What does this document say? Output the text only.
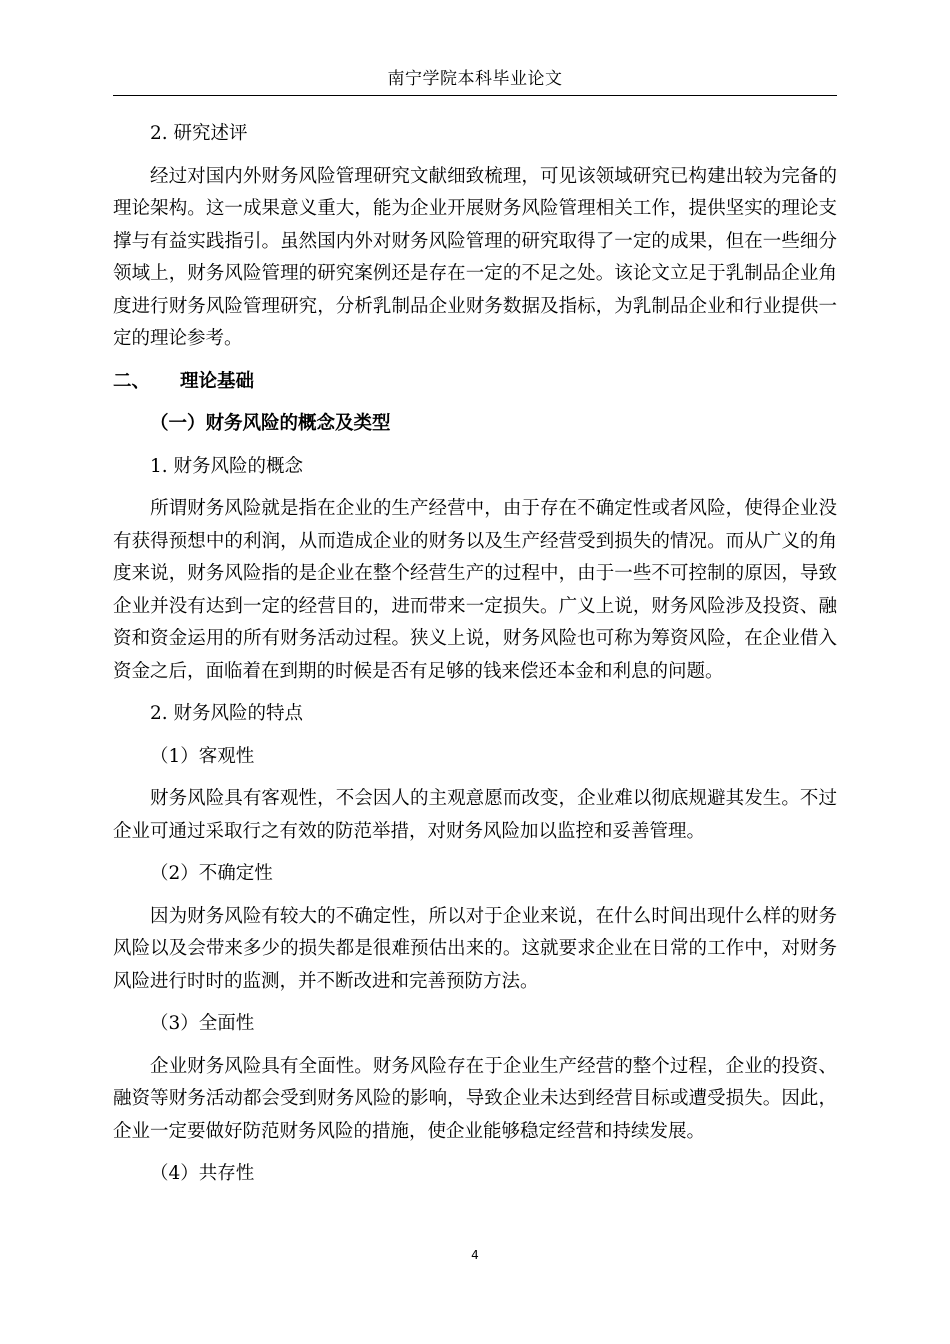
南宁学院本科毕业论文

2. 研究述评

经过对国内外财务风险管理研究文献细致梳理，可见该领域研究已构建出较为完备的理论架构。这一成果意义重大，能为企业开展财务风险管理相关工作，提供坚实的理论支撑与有益实践指引。虽然国内外对财务风险管理的研究取得了一定的成果，但在一些细分领域上，财务风险管理的研究案例还是存在一定的不足之处。该论文立足于乳制品企业角度进行财务风险管理研究，分析乳制品企业财务数据及指标，为乳制品企业和行业提供一定的理论参考。

二、 理论基础

（一）财务风险的概念及类型

1. 财务风险的概念

所谓财务风险就是指在企业的生产经营中，由于存在不确定性或者风险，使得企业没有获得预想中的利润，从而造成企业的财务以及生产经营受到损失的情况。而从广义的角度来说，财务风险指的是企业在整个经营生产的过程中，由于一些不可控制的原因，导致企业并没有达到一定的经营目的，进而带来一定损失。广义上说，财务风险涉及投资、融资和资金运用的所有财务活动过程。狭义上说，财务风险也可称为筹资风险，在企业借入资金之后，面临着在到期的时候是否有足够的钱来偿还本金和利息的问题。

2. 财务风险的特点

（1）客观性

财务风险具有客观性，不会因人的主观意愿而改变，企业难以彻底规避其发生。不过企业可通过采取行之有效的防范举措，对财务风险加以监控和妥善管理。

（2）不确定性

因为财务风险有较大的不确定性，所以对于企业来说，在什么时间出现什么样的财务风险以及会带来多少的损失都是很难预估出来的。这就要求企业在日常的工作中，对财务风险进行时时的监测，并不断改进和完善预防方法。

（3）全面性

企业财务风险具有全面性。财务风险存在于企业生产经营的整个过程，企业的投资、融资等财务活动都会受到财务风险的影响，导致企业未达到经营目标或遭受损失。因此，企业一定要做好防范财务风险的措施，使企业能够稳定经营和持续发展。

（4）共存性

4
